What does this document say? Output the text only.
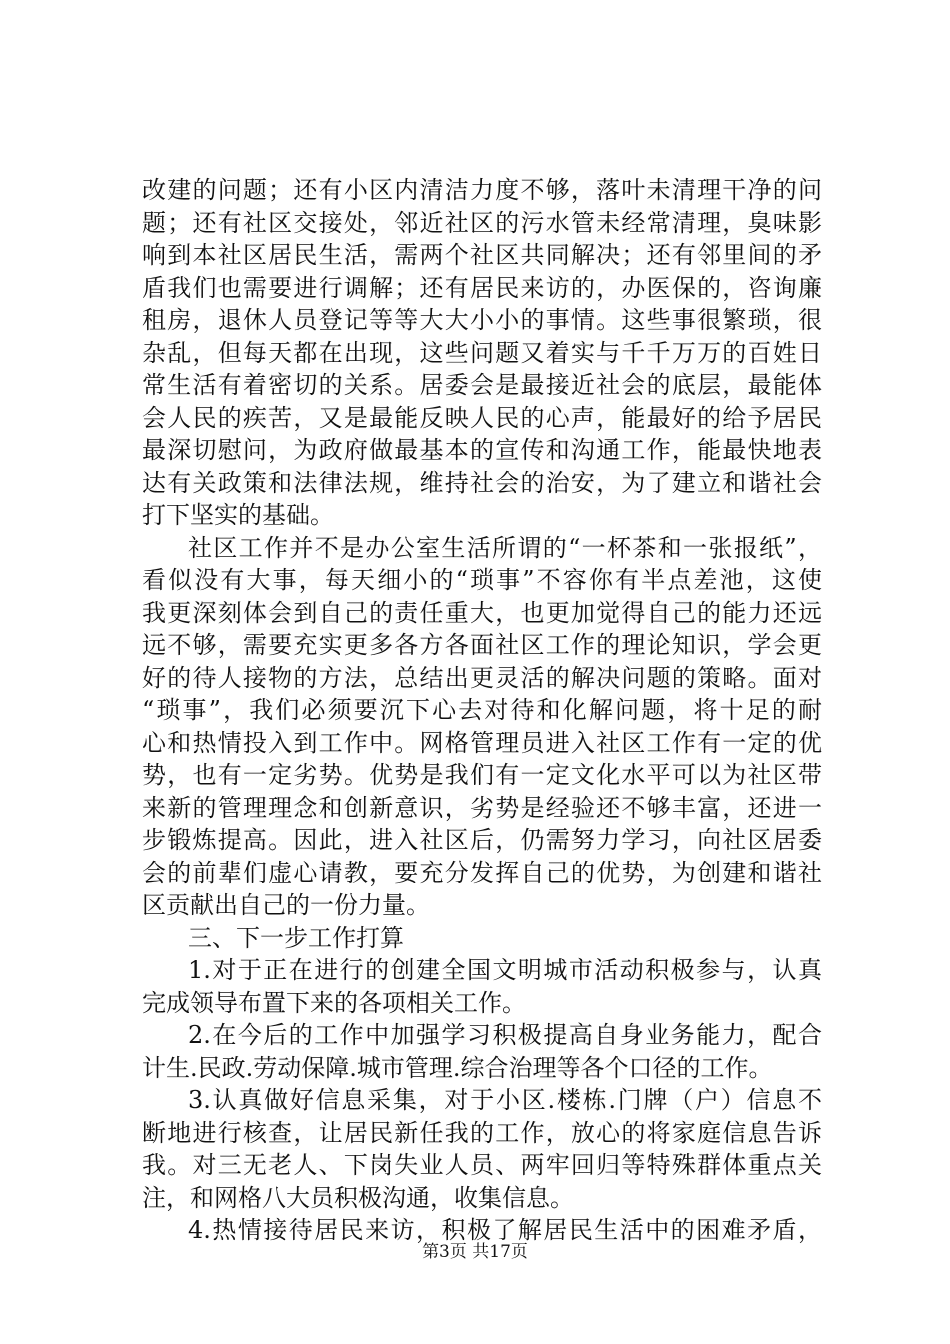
改建的问题；还有小区内清洁力度不够，落叶未清理干净的问
题；还有社区交接处，邻近社区的污水管未经常清理，臭味影
响到本社区居民生活，需两个社区共同解决；还有邻里间的矛
盾我们也需要进行调解；还有居民来访的，办医保的，咨询廉
租房，退休人员登记等等大大小小的事情。这些事很繁琐，很
杂乱，但每天都在出现，这些问题又着实与千千万万的百姓日
常生活有着密切的关系。居委会是最接近社会的底层，最能体
会人民的疾苦，又是最能反映人民的心声，能最好的给予居民
最深切慰问，为政府做最基本的宣传和沟通工作，能最快地表
达有关政策和法律法规，维持社会的治安，为了建立和谐社会
打下坚实的基础。
社区工作并不是办公室生活所谓的“一杯茶和一张报纸”，
看似没有大事，每天细小的“琐事”不容你有半点差池，这使
我更深刻体会到自己的责任重大，也更加觉得自己的能力还远
远不够，需要充实更多各方各面社区工作的理论知识，学会更
好的待人接物的方法，总结出更灵活的解决问题的策略。面对
“琐事”，我们必须要沉下心去对待和化解问题，将十足的耐
心和热情投入到工作中。网格管理员进入社区工作有一定的优
势，也有一定劣势。优势是我们有一定文化水平可以为社区带
来新的管理理念和创新意识，劣势是经验还不够丰富，还进一
步锻炼提高。因此，进入社区后，仍需努力学习，向社区居委
会的前辈们虚心请教，要充分发挥自己的优势，为创建和谐社
区贡献出自己的一份力量。
三、下一步工作打算
1.对于正在进行的创建全国文明城市活动积极参与，认真
完成领导布置下来的各项相关工作。
2.在今后的工作中加强学习积极提高自身业务能力，配合
计生.民政.劳动保障.城市管理.综合治理等各个口径的工作。
3.认真做好信息采集，对于小区.楼栋.门牌（户）信息不
断地进行核查，让居民新任我的工作，放心的将家庭信息告诉
我。对三无老人、下岗失业人员、两牢回归等特殊群体重点关
注，和网格八大员积极沟通，收集信息。
4.热情接待居民来访，积极了解居民生活中的困难矛盾，
第3页 共17页
